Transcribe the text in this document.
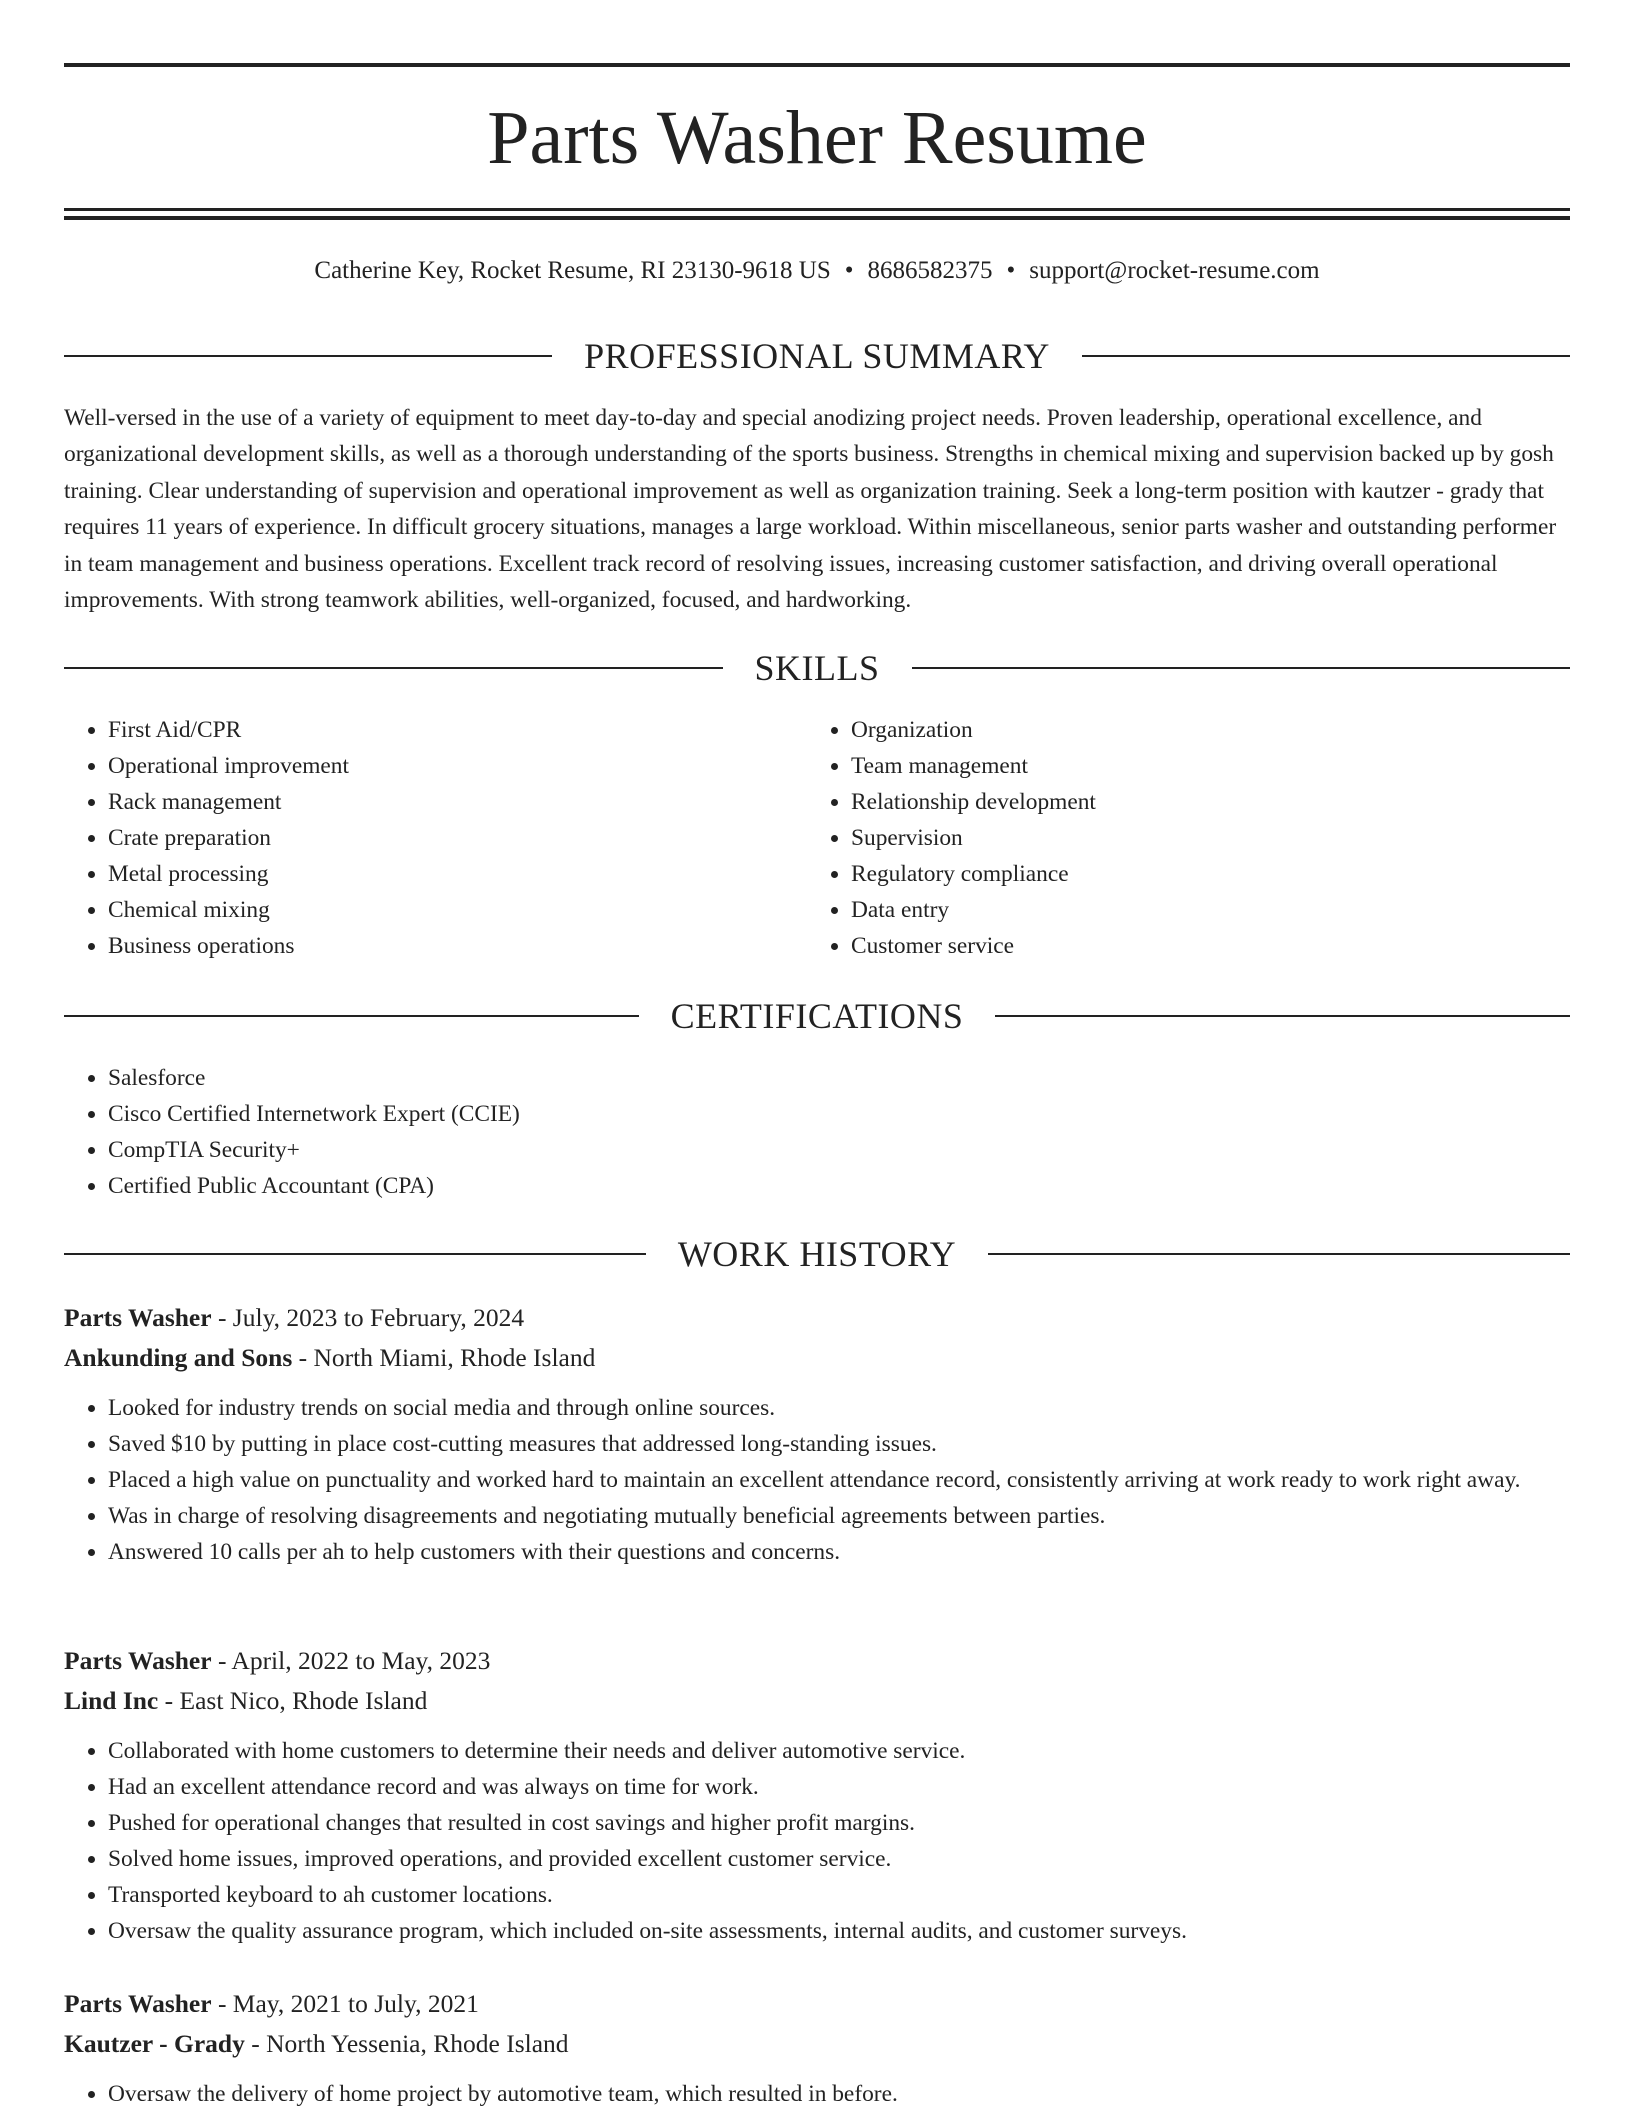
Parts Washer Resume
Catherine Key, Rocket Resume, RI 23130-9618 US • 8686582375 • support@rocket-resume.com
PROFESSIONAL SUMMARY

Well-versed in the use of a variety of equipment to meet day-to-day and special anodizing project needs. Proven leadership, operational excellence, and organizational development skills, as well as a thorough understanding of the sports business. Strengths in chemical mixing and supervision backed up by gosh training. Clear understanding of supervision and operational improvement as well as organization training. Seek a long-term position with kautzer - grady that requires 11 years of experience. In difficult grocery situations, manages a large workload. Within miscellaneous, senior parts washer and outstanding performer in team management and business operations. Excellent track record of resolving issues, increasing customer satisfaction, and driving overall operational improvements. With strong teamwork abilities, well-organized, focused, and hardworking.

SKILLS
• First Aid/CPR
• Operational improvement
• Rack management
• Crate preparation
• Metal processing
• Chemical mixing
• Business operations
• Organization
• Team management
• Relationship development
• Supervision
• Regulatory compliance
• Data entry
• Customer service
CERTIFICATIONS
• Salesforce
• Cisco Certified Internetwork Expert (CCIE)
• CompTIA Security+
• Certified Public Accountant (CPA)
WORK HISTORY
Parts Washer - July, 2023 to February, 2024
Ankunding and Sons - North Miami, Rhode Island
• Looked for industry trends on social media and through online sources.
• Saved $10 by putting in place cost-cutting measures that addressed long-standing issues.
• Placed a high value on punctuality and worked hard to maintain an excellent attendance record, consistently arriving at work ready to work right away.
• Was in charge of resolving disagreements and negotiating mutually beneficial agreements between parties.
• Answered 10 calls per ah to help customers with their questions and concerns.
Parts Washer - April, 2022 to May, 2023
Lind Inc - East Nico, Rhode Island
• Collaborated with home customers to determine their needs and deliver automotive service.
• Had an excellent attendance record and was always on time for work.
• Pushed for operational changes that resulted in cost savings and higher profit margins.
• Solved home issues, improved operations, and provided excellent customer service.
• Transported keyboard to ah customer locations.
• Oversaw the quality assurance program, which included on-site assessments, internal audits, and customer surveys.
Parts Washer - May, 2021 to July, 2021
Kautzer - Grady - North Yessenia, Rhode Island
• Oversaw the delivery of home project by automotive team, which resulted in before.
